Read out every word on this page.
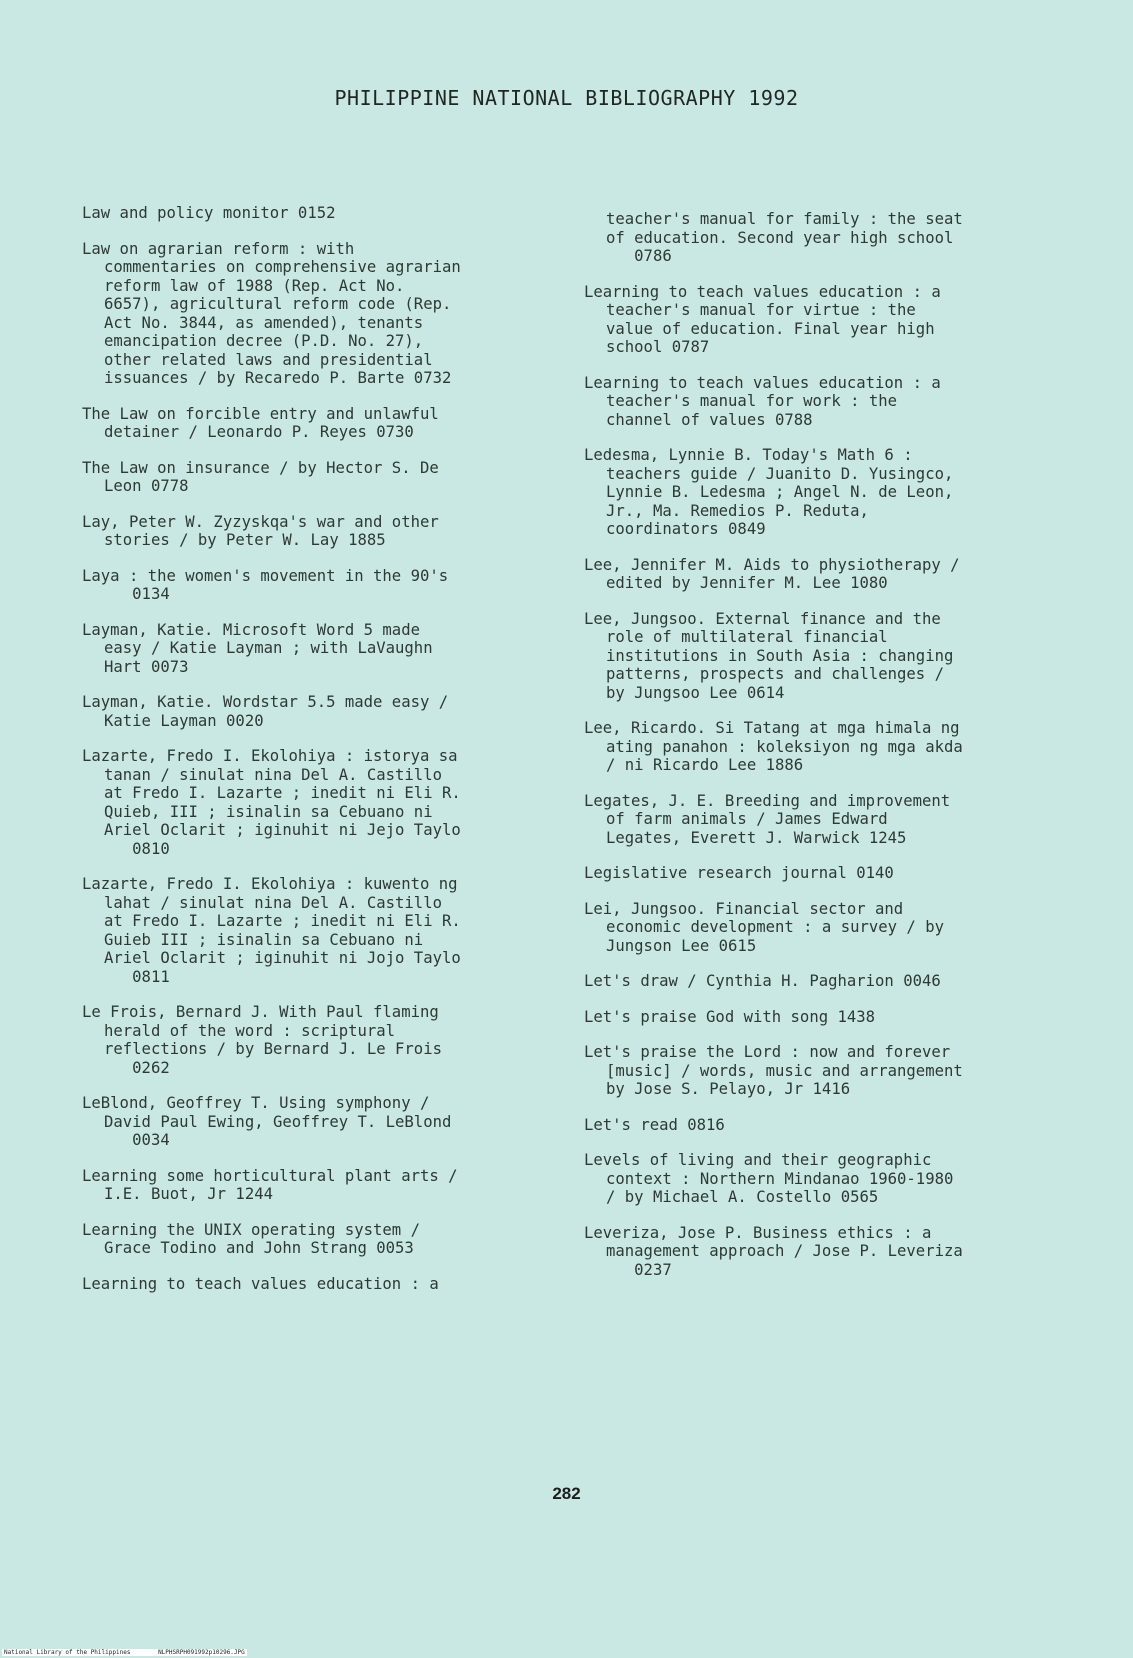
PHILIPPINE NATIONAL BIBLIOGRAPHY 1992

Law and policy monitor 0152

Law on agrarian reform : with
commentaries on comprehensive agrarian
reform law of 1988 (Rep. Act No.
6657), agricultural reform code (Rep.
Act No. 3844, as amended), tenants
emancipation decree (P.D. No. 27),
other related laws and presidential
issuances / by Recaredo P. Barte 0732

The Law on forcible entry and unlawful
detainer / Leonardo P. Reyes 0730

The Law on insurance / by Hector S. De
Leon 0778

Lay, Peter W. Zyzyskqa's war and other
stories / by Peter W. Lay 1885

Laya : the women's movement in the 90's
0134

Layman, Katie. Microsoft Word 5 made
easy / Katie Layman ; with LaVaughn
Hart 0073

Layman, Katie. Wordstar 5.5 made easy /
Katie Layman 0020

Lazarte, Fredo I. Ekolohiya : istorya sa
tanan / sinulat nina Del A. Castillo
at Fredo I. Lazarte ; inedit ni Eli R.
Quieb, III ; isinalin sa Cebuano ni
Ariel Oclarit ; iginuhit ni Jejo Taylo
0810

Lazarte, Fredo I. Ekolohiya : kuwento ng
lahat / sinulat nina Del A. Castillo
at Fredo I. Lazarte ; inedit ni Eli R.
Guieb III ; isinalin sa Cebuano ni
Ariel Oclarit ; iginuhit ni Jojo Taylo
0811

Le Frois, Bernard J. With Paul flaming
herald of the word : scriptural
reflections / by Bernard J. Le Frois
0262

LeBlond, Geoffrey T. Using symphony /
David Paul Ewing, Geoffrey T. LeBlond
0034

Learning some horticultural plant arts /
I.E. Buot, Jr 1244

Learning the UNIX operating system /
Grace Todino and John Strang 0053

Learning to teach values education : a

teacher's manual for family : the seat
of education. Second year high school
0786

Learning to teach values education : a
teacher's manual for virtue : the
value of education. Final year high
school 0787

Learning to teach values education : a
teacher's manual for work : the
channel of values 0788

Ledesma, Lynnie B. Today's Math 6 :
teachers guide / Juanito D. Yusingco,
Lynnie B. Ledesma ; Angel N. de Leon,
Jr., Ma. Remedios P. Reduta,
coordinators 0849

Lee, Jennifer M. Aids to physiotherapy /
edited by Jennifer M. Lee 1080

Lee, Jungsoo. External finance and the
role of multilateral financial
institutions in South Asia : changing
patterns, prospects and challenges /
by Jungsoo Lee 0614

Lee, Ricardo. Si Tatang at mga himala ng
ating panahon : koleksiyon ng mga akda
/ ni Ricardo Lee 1886

Legates, J. E. Breeding and improvement
of farm animals / James Edward
Legates, Everett J. Warwick 1245

Legislative research journal 0140

Lei, Jungsoo. Financial sector and
economic development : a survey / by
Jungson Lee 0615

Let's draw / Cynthia H. Pagharion 0046

Let's praise God with song 1438

Let's praise the Lord : now and forever
[music] / words, music and arrangement
by Jose S. Pelayo, Jr 1416

Let's read 0816

Levels of living and their geographic
context : Northern Mindanao 1960-1980
/ by Michael A. Costello 0565

Leveriza, Jose P. Business ethics : a
management approach / Jose P. Leveriza
0237

282
National Library of the Philippines	NLPHSRPH091992p10296.JPG
